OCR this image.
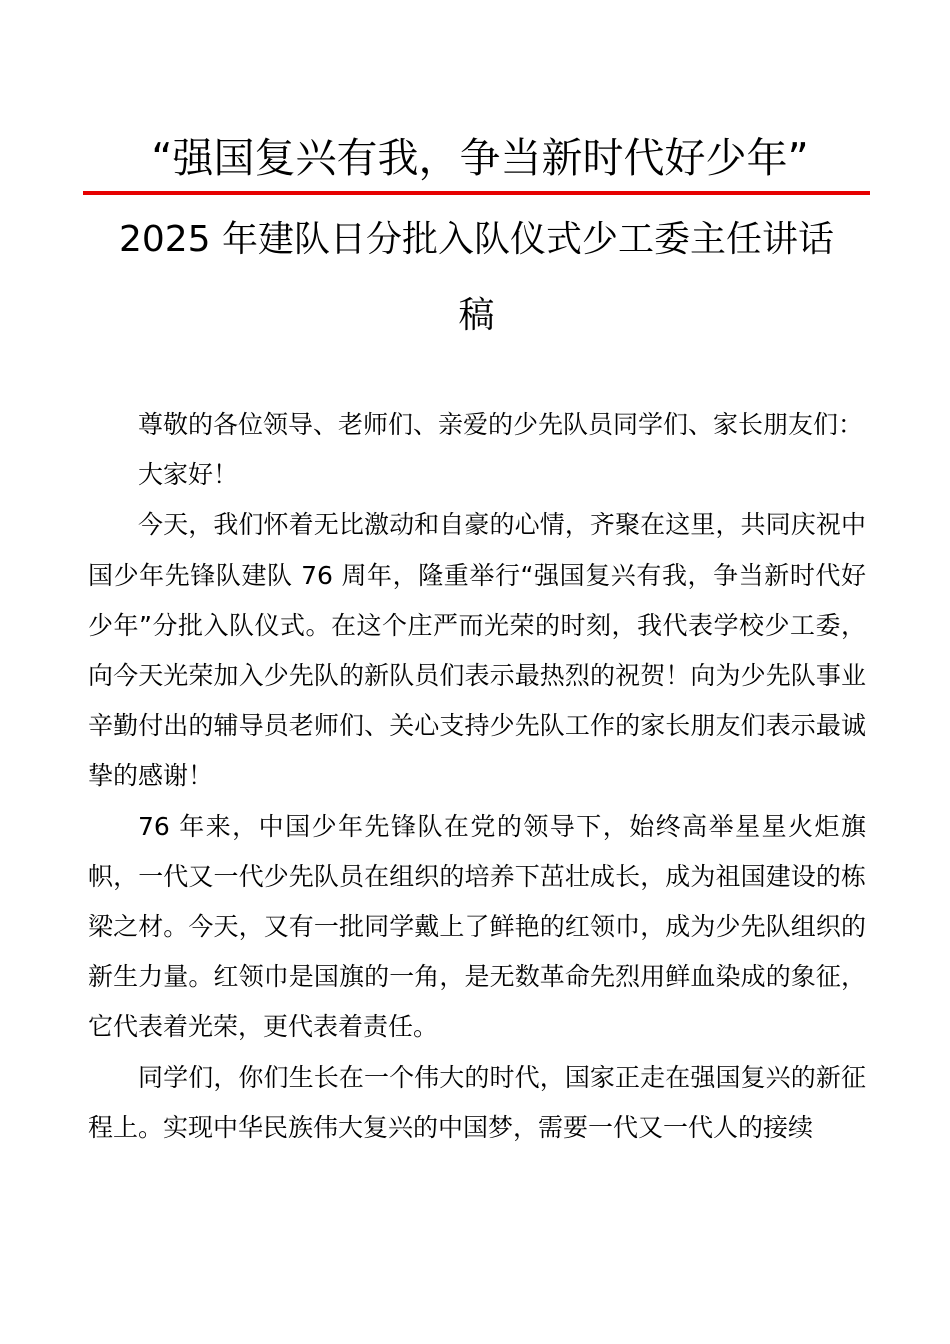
“强国复兴有我，争当新时代好少年”
2025 年建队日分批入队仪式少工委主任讲话
稿

尊敬的各位领导、老师们、亲爱的少先队员同学们、家长朋友们：

大家好！

今天，我们怀着无比激动和自豪的心情，齐聚在这里，共同庆祝中国少年先锋队建队 76 周年，隆重举行“强国复兴有我，争当新时代好少年”分批入队仪式。在这个庄严而光荣的时刻，我代表学校少工委，向今天光荣加入少先队的新队员们表示最热烈的祝贺！向为少先队事业辛勤付出的辅导员老师们、关心支持少先队工作的家长朋友们表示最诚挚的感谢！

76 年来，中国少年先锋队在党的领导下，始终高举星星火炬旗帜，一代又一代少先队员在组织的培养下茁壮成长，成为祖国建设的栋梁之材。今天，又有一批同学戴上了鲜艳的红领巾，成为少先队组织的新生力量。红领巾是国旗的一角，是无数革命先烈用鲜血染成的象征，它代表着光荣，更代表着责任。

同学们，你们生长在一个伟大的时代，国家正走在强国复兴的新征程上。实现中华民族伟大复兴的中国梦，需要一代又一代人的接续
